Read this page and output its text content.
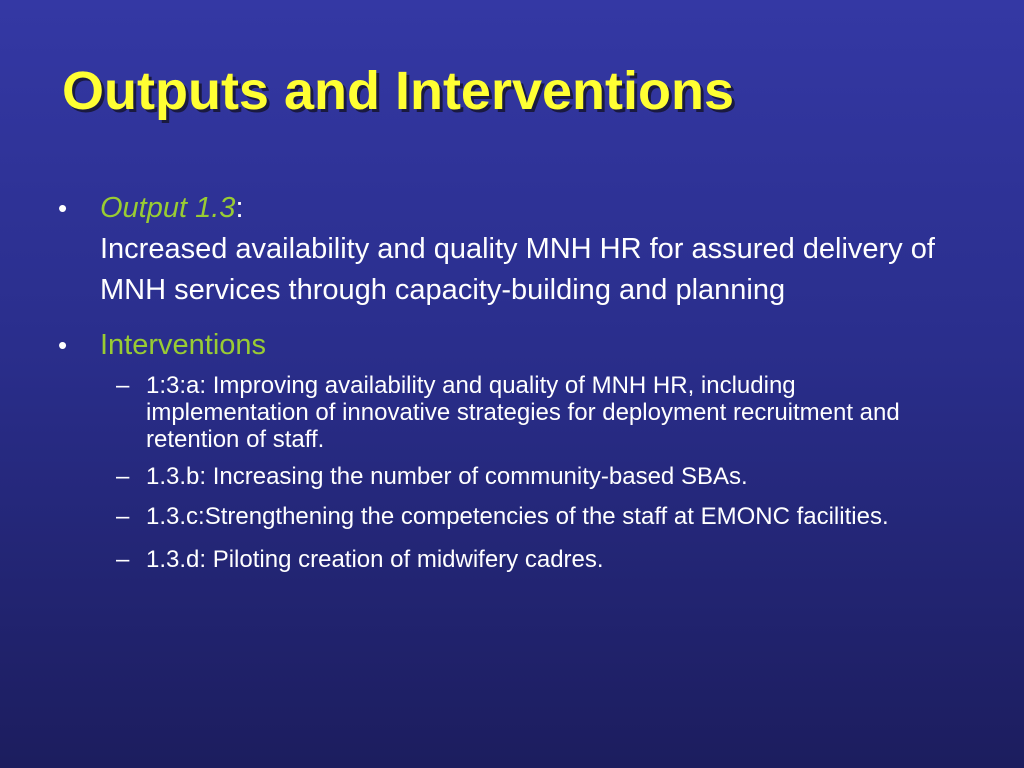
Outputs and Interventions
• Output 1.3:
Increased availability and quality MNH HR for assured delivery of MNH services through capacity-building and planning
• Interventions
– 1:3:a: Improving availability and quality of MNH HR, including implementation of innovative strategies for deployment recruitment and retention of staff.
– 1.3.b: Increasing the number of community-based SBAs.
– 1.3.c:Strengthening the competencies of the staff at EMONC facilities.
– 1.3.d: Piloting creation of midwifery cadres.
